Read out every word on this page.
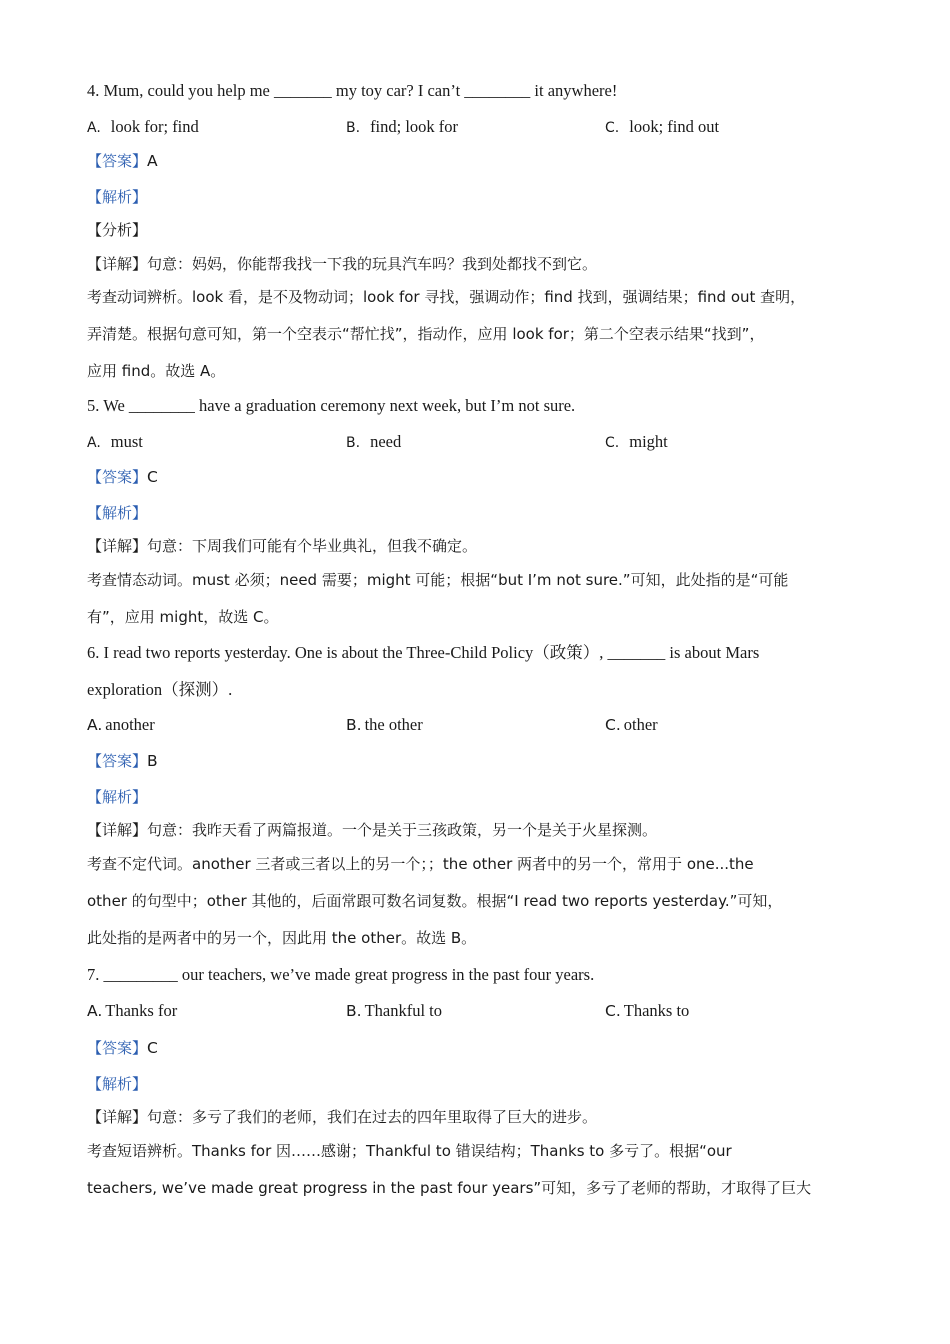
4. Mum, could you help me _______ my toy car? I can’t ________ it anywhere!
A. look for; find	B. find; look for	C. look; find out
【答案】A
【解析】
【分析】
【详解】句意：妈妈，你能帮我找一下我的玩具汽车吗？我到处都找不到它。
考查动词辨析。look 看，是不及物动词；look for 寻找，强调动作；find 找到，强调结果；find out 查明，
弄清楚。根据句意可知，第一个空表示“帮忙找”，指动作，应用 look for；第二个空表示结果“找到”，
应用 find。故选 A。
5. We ________ have a graduation ceremony next week, but I’m not sure.
A. must	B. need	C. might
【答案】C
【解析】
【详解】句意：下周我们可能有个毕业典礼，但我不确定。
考查情态动词。must 必须；need 需要；might 可能；根据“but I’m not sure.”可知，此处指的是“可能
有”，应用 might，故选 C。
6. I read two reports yesterday. One is about the Three-Child Policy（政策）, _______ is about Mars
exploration（探测）.
A. another	B. the other	C. other
【答案】B
【解析】
【详解】句意：我昨天看了两篇报道。一个是关于三孩政策，另一个是关于火星探测。
考查不定代词。another 三者或三者以上的另一个；；the other 两者中的另一个，常用于 one...the
other 的句型中；other 其他的，后面常跟可数名词复数。根据“I read two reports yesterday.”可知，
此处指的是两者中的另一个，因此用 the other。故选 B。
7. _________ our teachers, we’ve made great progress in the past four years.
A. Thanks for	B. Thankful to	C. Thanks to
【答案】C
【解析】
【详解】句意：多亏了我们的老师，我们在过去的四年里取得了巨大的进步。
考查短语辨析。Thanks for 因……感谢；Thankful to 错误结构；Thanks to 多亏了。根据“our
teachers, we’ve made great progress in the past four years”可知，多亏了老师的帮助，才取得了巨大
